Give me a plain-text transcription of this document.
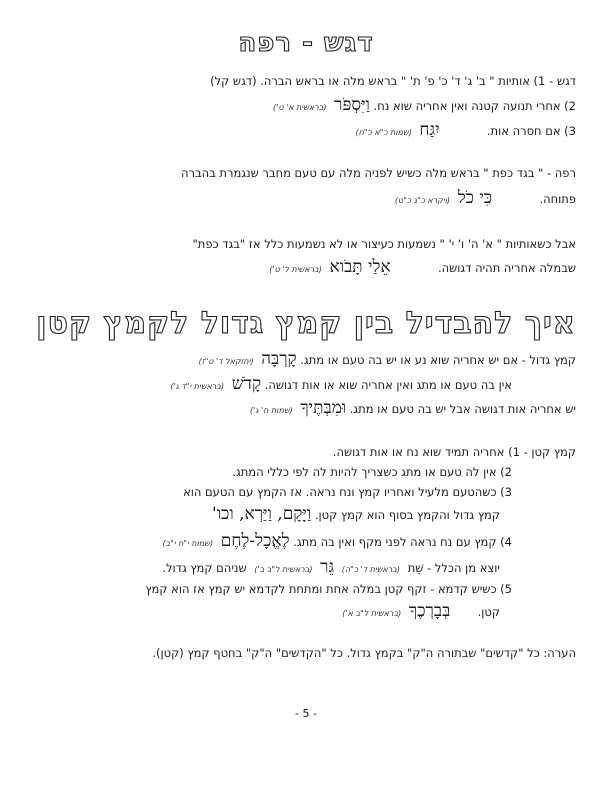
דגש - רפה
דגש - 1) אותיות " ב' ג' ד' כ' פ' ת' " בראש מלה או בראש הברה. (דגש קל)
2) אחרי תנועה קטנה ואין אחריה שוא נח. וַיִּסְפֹּר (בראשית א' ט')
3) אם חסרה אות.  יִגַּח (שמות כ"א כ"ח)
רפה - " בגד כפת " בראש מלה כשיש לפניה מלה עם טעם מחבר שנגמרת בהברה
פתוחה.  כִּי כֹל (ויקרא כ"ג כ"ט)
אבל כשאותיות " א' ה' ו' י' " נשמעות כעיצור או לא נשמעות כלל אז "בגד כפת"
שבמלה אחריה תהיה דגושה.  אֵלַי תָּבֹוא (בראשית ל' ט')
איך להבדיל בין קמץ גדול לקמץ קטן
קמץ גדול - אם יש אחריה שוא נע או יש בה טעם או מתג. קָרְבָּה (יחזקאל ד' ט"ז)
אין בה טעם או מתג ואין אחריה שוא או אות דגושה. קָדֹשׁ (בראשית י"ד ג')
יש אחריה אות דגושה אבל יש בה טעם או מתג. וּמִבְּתֶּיךָ (שמות ח' ג')
קמץ קטן - 1) אחריה תמיד שוא נח או אות דגושה.
2) אין לה טעם או מתג כשצריך להיות לה לפי כללי המתג.
3) כשהטעם מלעיל ואחריו קמץ ונח נראה. אז הקמץ עם הטעם הוא
קמץ גדול והקמץ בסוף הוא קמץ קטן. וַיָּקָם, וַיַּרְא, וכו'
4) קמץ עם נח נראה לפני מקף ואין בה מתג. לֶאֱכָל-לֶחֶם (שמות י"ח י"ב)
יוצא מן הכלל - שֵׁת (בראשית ד' כ"ה) גֵּר (בראשית ל"ב ב') שניהם קמץ גדול.
5) כשיש קדמא - זקף קטן במלה אחת ומתחת לקדמא יש קמץ אז הוא קמץ
קטן.  בְּבָרְכֶךָ (בראשית ל"ב א')
הערה: כל "קדשים" שבתורה ה"ק" בקמץ גדול. כל "הקדשים" ה"ק" בחטף קמץ (קטן).
- 5 -
